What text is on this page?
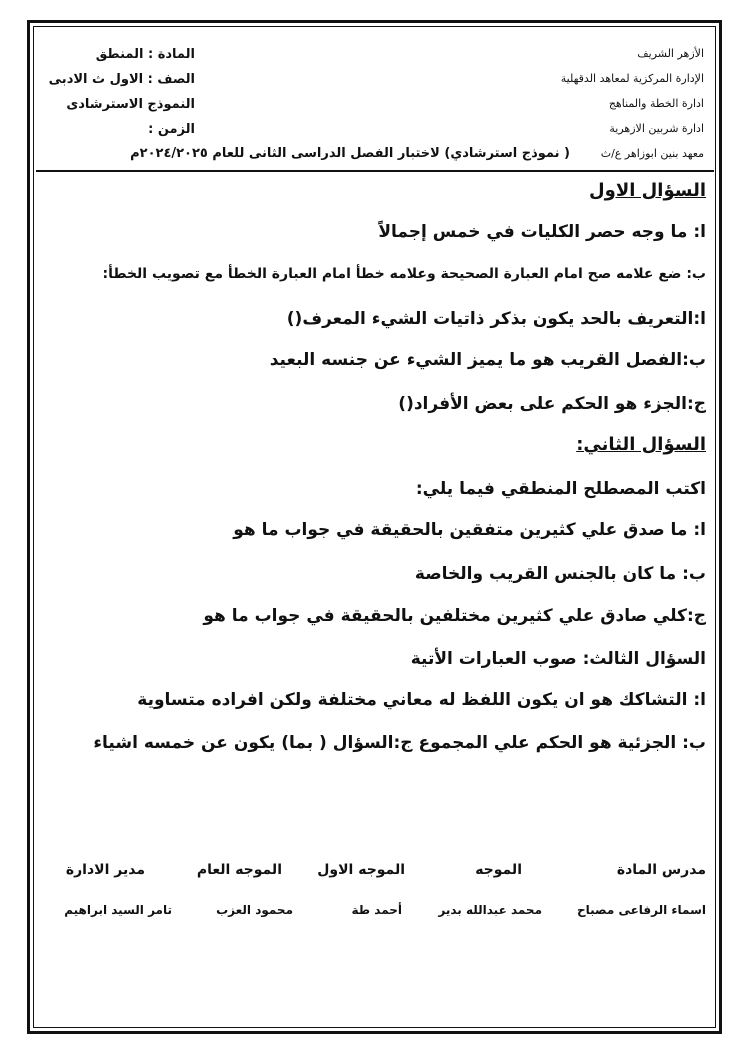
الأزهر الشريف
الإدارة المركزية لمعاهد الدقهلية
ادارة الخطة والمناهج
ادارة شربين الازهرية
معهد بنين ابوزاهر ع/ث
المادة : المنطق
الصف : الاول ث الادبى
النموذج الاسترشادى
الزمن :
( نموذج استرشادي) لاختبار الفصل الدراسى الثانى للعام ٢٠٢٤/٢٠٢٥م
السؤال الاول
ا: ما وجه حصر الكليات في خمس إجمالاً
ب: ضع علامه صح امام العبارة الصحيحة وعلامه خطأ امام العبارة الخطأ مع تصويب الخطأ:
ا:التعريف بالحد يكون بذكر ذاتيات الشيء المعرف()
ب:الفصل القريب هو ما يميز الشيء عن جنسه البعيد
ج:الجزء هو الحكم على بعض الأفراد()
السؤال الثاني:
اكتب المصطلح المنطقي فيما يلي:
ا: ما صدق علي كثيرين متفقين بالحقيقة في جواب ما هو
ب: ما كان بالجنس القريب والخاصة
ج:كلي صادق علي كثيرين مختلفين بالحقيقة في جواب ما هو
السؤال الثالث: صوب العبارات الأتية
ا: التشاكك هو ان يكون اللفظ له معاني مختلفة ولكن افراده متساوية
ب: الجزئية هو الحكم علي المجموع ج:السؤال ( بما) يكون عن خمسه اشياء
مدرس المادة
الموجه
الموجه الاول
الموجه العام
مدير الادارة
اسماء الرفاعى مصباح
محمد عبدالله بدير
أحمد طة
محمود العزب
تامر السيد ابراهيم
